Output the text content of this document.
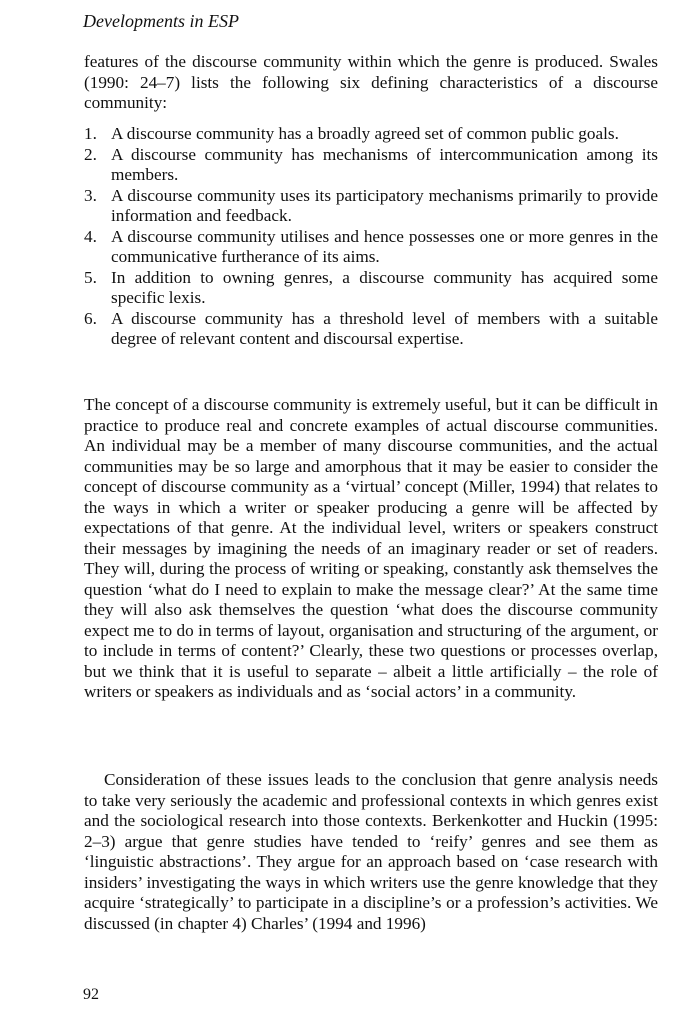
Developments in ESP

features of the discourse community within which the genre is produced. Swales (1990: 24–7) lists the following six defining characteristics of a discourse community:

1. A discourse community has a broadly agreed set of common public goals.
2. A discourse community has mechanisms of intercommunication among its members.
3. A discourse community uses its participatory mechanisms primarily to provide information and feedback.
4. A discourse community utilises and hence possesses one or more genres in the communicative furtherance of its aims.
5. In addition to owning genres, a discourse community has acquired some specific lexis.
6. A discourse community has a threshold level of members with a suitable degree of relevant content and discoursal expertise.

The concept of a discourse community is extremely useful, but it can be difficult in practice to produce real and concrete examples of actual discourse communities. An individual may be a member of many discourse communities, and the actual communities may be so large and amorphous that it may be easier to consider the concept of discourse community as a ‘virtual’ concept (Miller, 1994) that relates to the ways in which a writer or speaker producing a genre will be affected by expectations of that genre. At the individual level, writers or speakers construct their messages by imagining the needs of an imaginary reader or set of readers. They will, during the process of writing or speaking, constantly ask themselves the question ‘what do I need to explain to make the message clear?’ At the same time they will also ask themselves the question ‘what does the discourse community expect me to do in terms of layout, organisation and structuring of the argument, or to include in terms of content?’ Clearly, these two questions or processes overlap, but we think that it is useful to separate – albeit a little artificially – the role of writers or speakers as individuals and as ‘social actors’ in a community.

Consideration of these issues leads to the conclusion that genre analysis needs to take very seriously the academic and professional contexts in which genres exist and the sociological research into those contexts. Berkenkotter and Huckin (1995: 2–3) argue that genre studies have tended to ‘reify’ genres and see them as ‘linguistic abstractions’. They argue for an approach based on ‘case research with insiders’ investigating the ways in which writers use the genre knowledge that they acquire ‘strategically’ to participate in a discipline’s or a profession’s activities. We discussed (in chapter 4) Charles’ (1994 and 1996)

92
